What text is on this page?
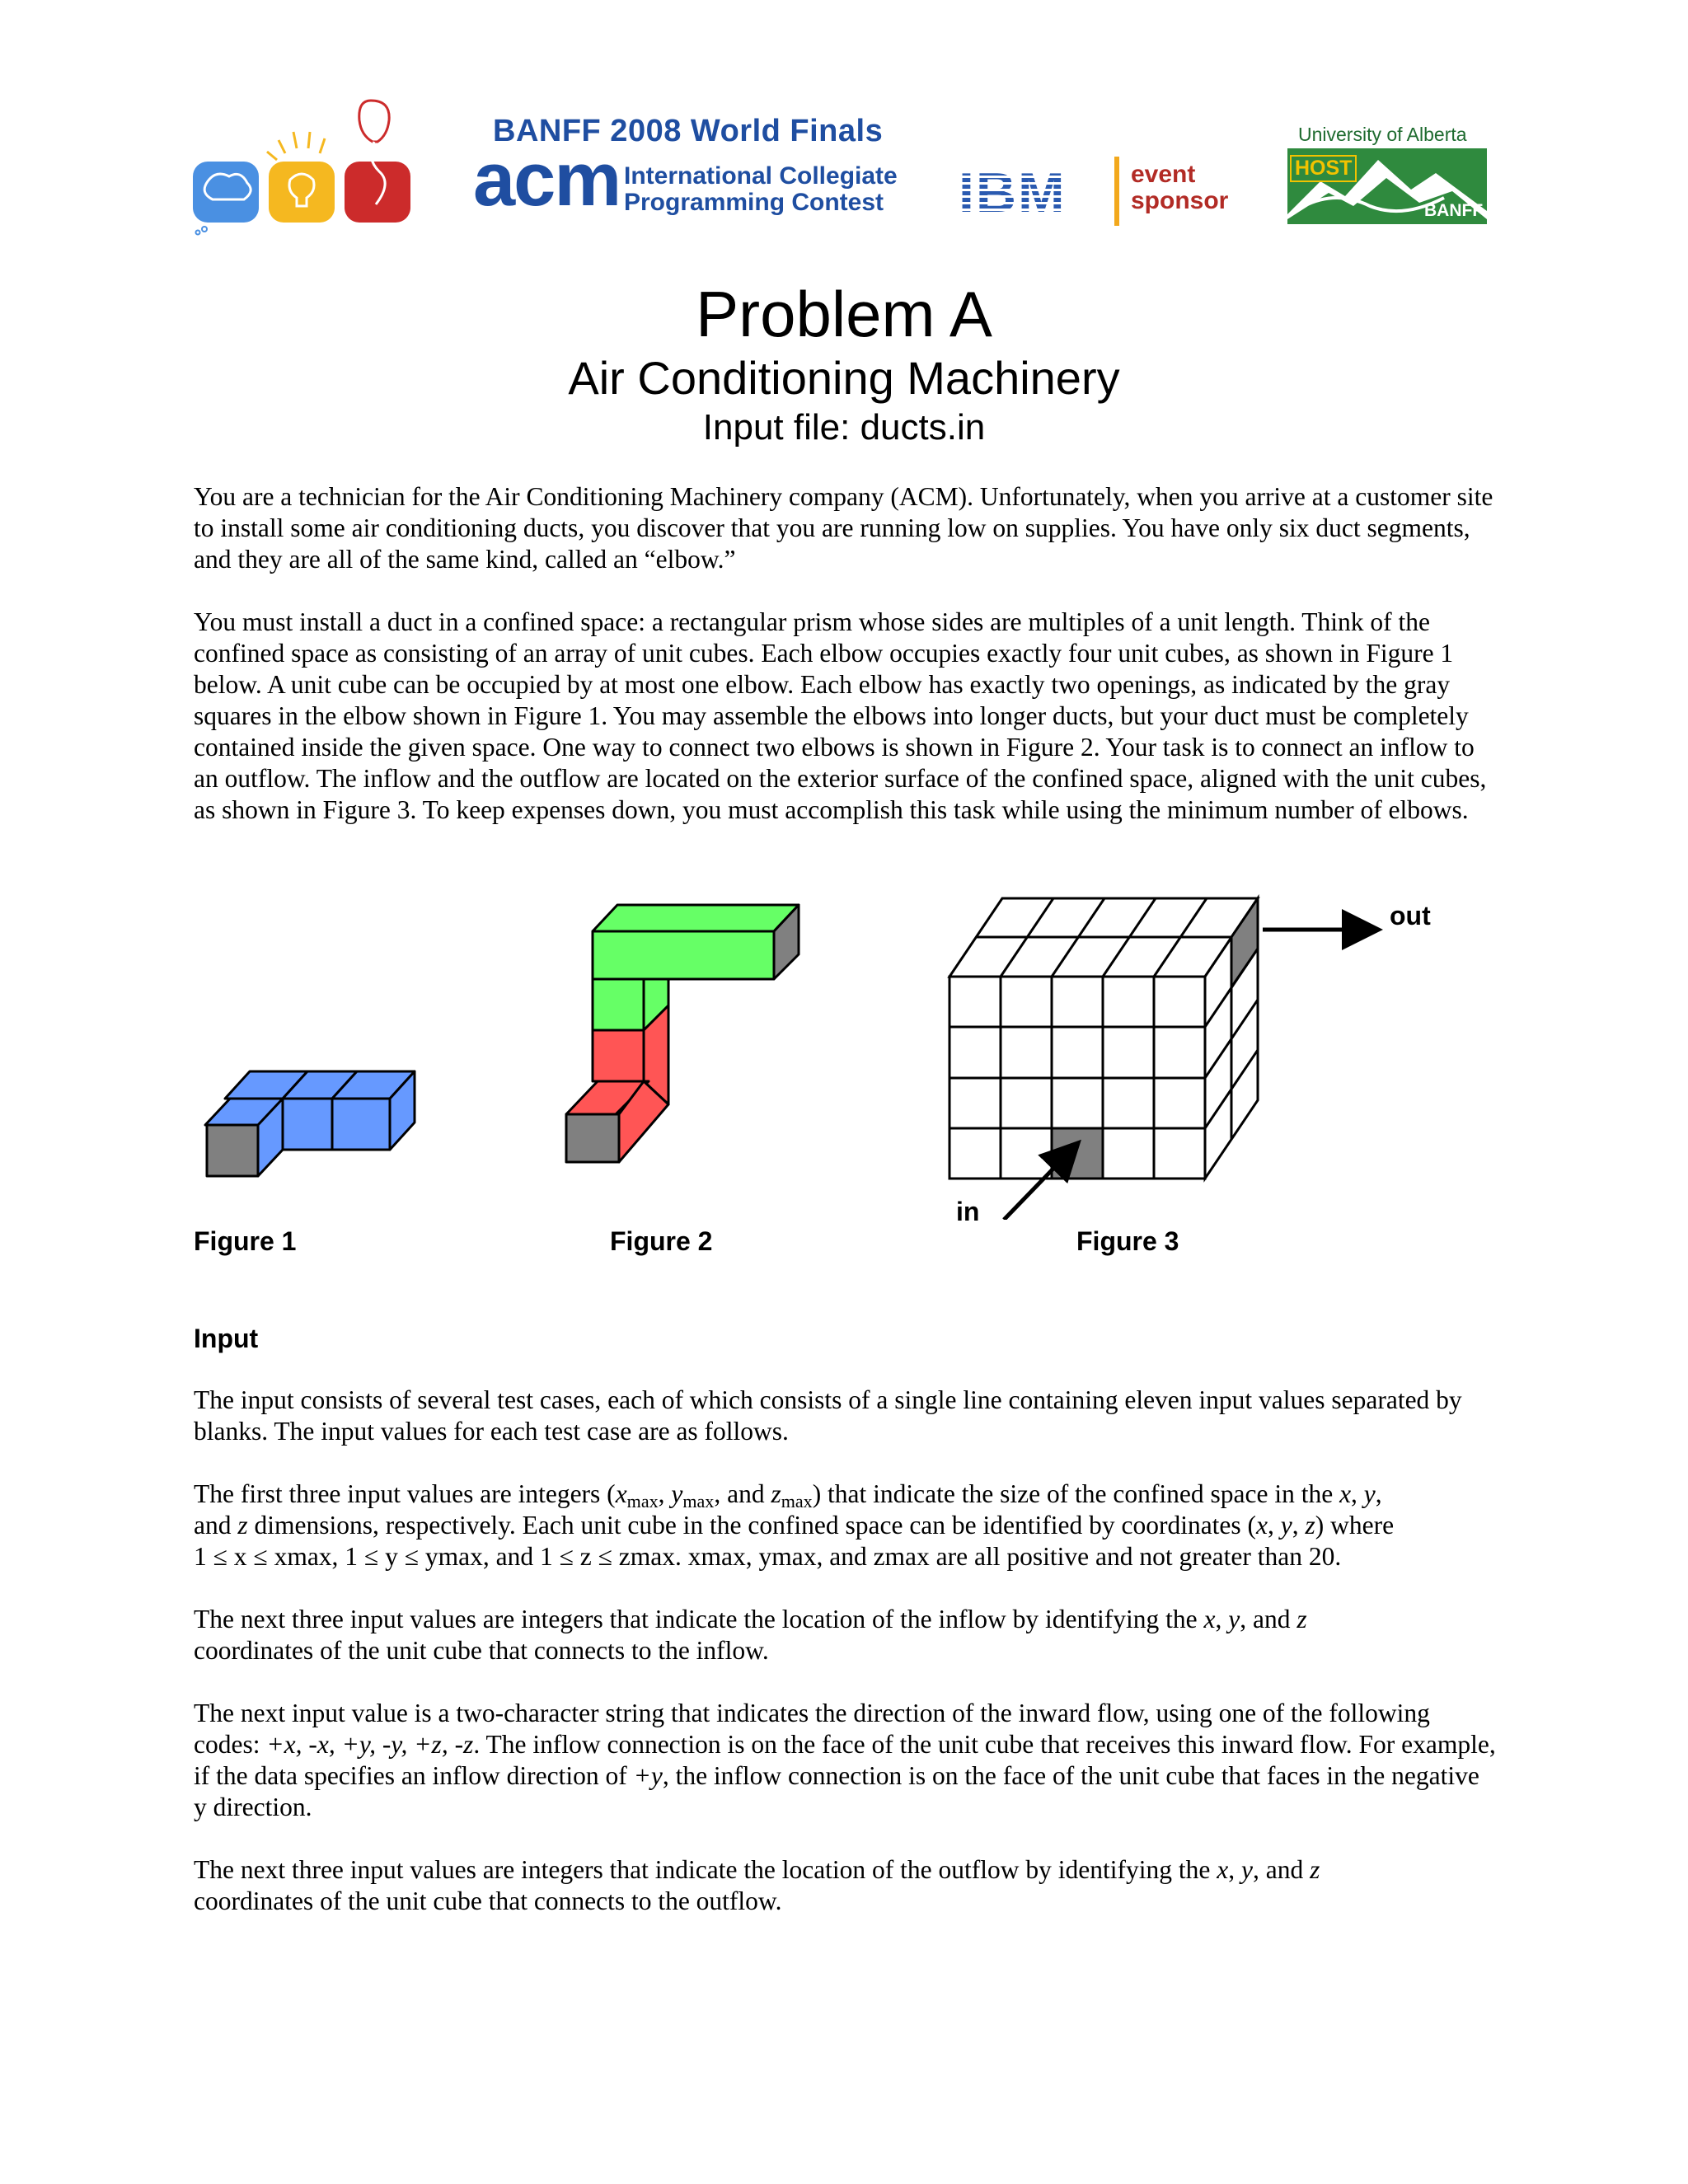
BANFF 2008 World Finals
acm International Collegiate
Programming Contest IBM	event
sponsor
University of Alberta
HOST
BANFF
Problem A
Air Conditioning Machinery
Input file: ducts.in

You are a technician for the Air Conditioning Machinery company (ACM). Unfortunately, when you arrive at a customer site to install some air conditioning ducts, you discover that you are running low on supplies. You have only six duct segments, and they are all of the same kind, called an “elbow.”

You must install a duct in a confined space: a rectangular prism whose sides are multiples of a unit length. Think of the confined space as consisting of an array of unit cubes. Each elbow occupies exactly four unit cubes, as shown in Figure 1 below. A unit cube can be occupied by at most one elbow. Each elbow has exactly two openings, as indicated by the gray squares in the elbow shown in Figure 1. You may assemble the elbows into longer ducts, but your duct must be completely contained inside the given space. One way to connect two elbows is shown in Figure 2. Your task is to connect an inflow to an outflow. The inflow and the outflow are located on the exterior surface of the confined space, aligned with the unit cubes, as shown in Figure 3. To keep expenses down, you must accomplish this task while using the minimum number of elbows.

out
in
Figure 1	Figure 2	Figure 3
Input

The input consists of several test cases, each of which consists of a single line containing eleven input values separated by blanks. The input values for each test case are as follows.

The first three input values are integers ($x_{max}$, $y_{max}$, and $z_{max}$) that indicate the size of the confined space in the x, y,
and z dimensions, respectively. Each unit cube in the confined space can be identified by coordinates (x, y, z) where
1 ≤ x ≤ xmax, 1 ≤ y ≤ ymax, and 1 ≤ z ≤ zmax. xmax, ymax, and zmax are all positive and not greater than 20.

The next three input values are integers that indicate the location of the inflow by identifying the x, y, and z
coordinates of the unit cube that connects to the inflow.

The next input value is a two-character string that indicates the direction of the inward flow, using one of the following codes: +x, -x, +y, -y, +z, -z. The inflow connection is on the face of the unit cube that receives this inward flow. For example, if the data specifies an inflow direction of +y, the inflow connection is on the face of the unit cube that faces in the negative y direction.

The next three input values are integers that indicate the location of the outflow by identifying the x, y, and z
coordinates of the unit cube that connects to the outflow.
